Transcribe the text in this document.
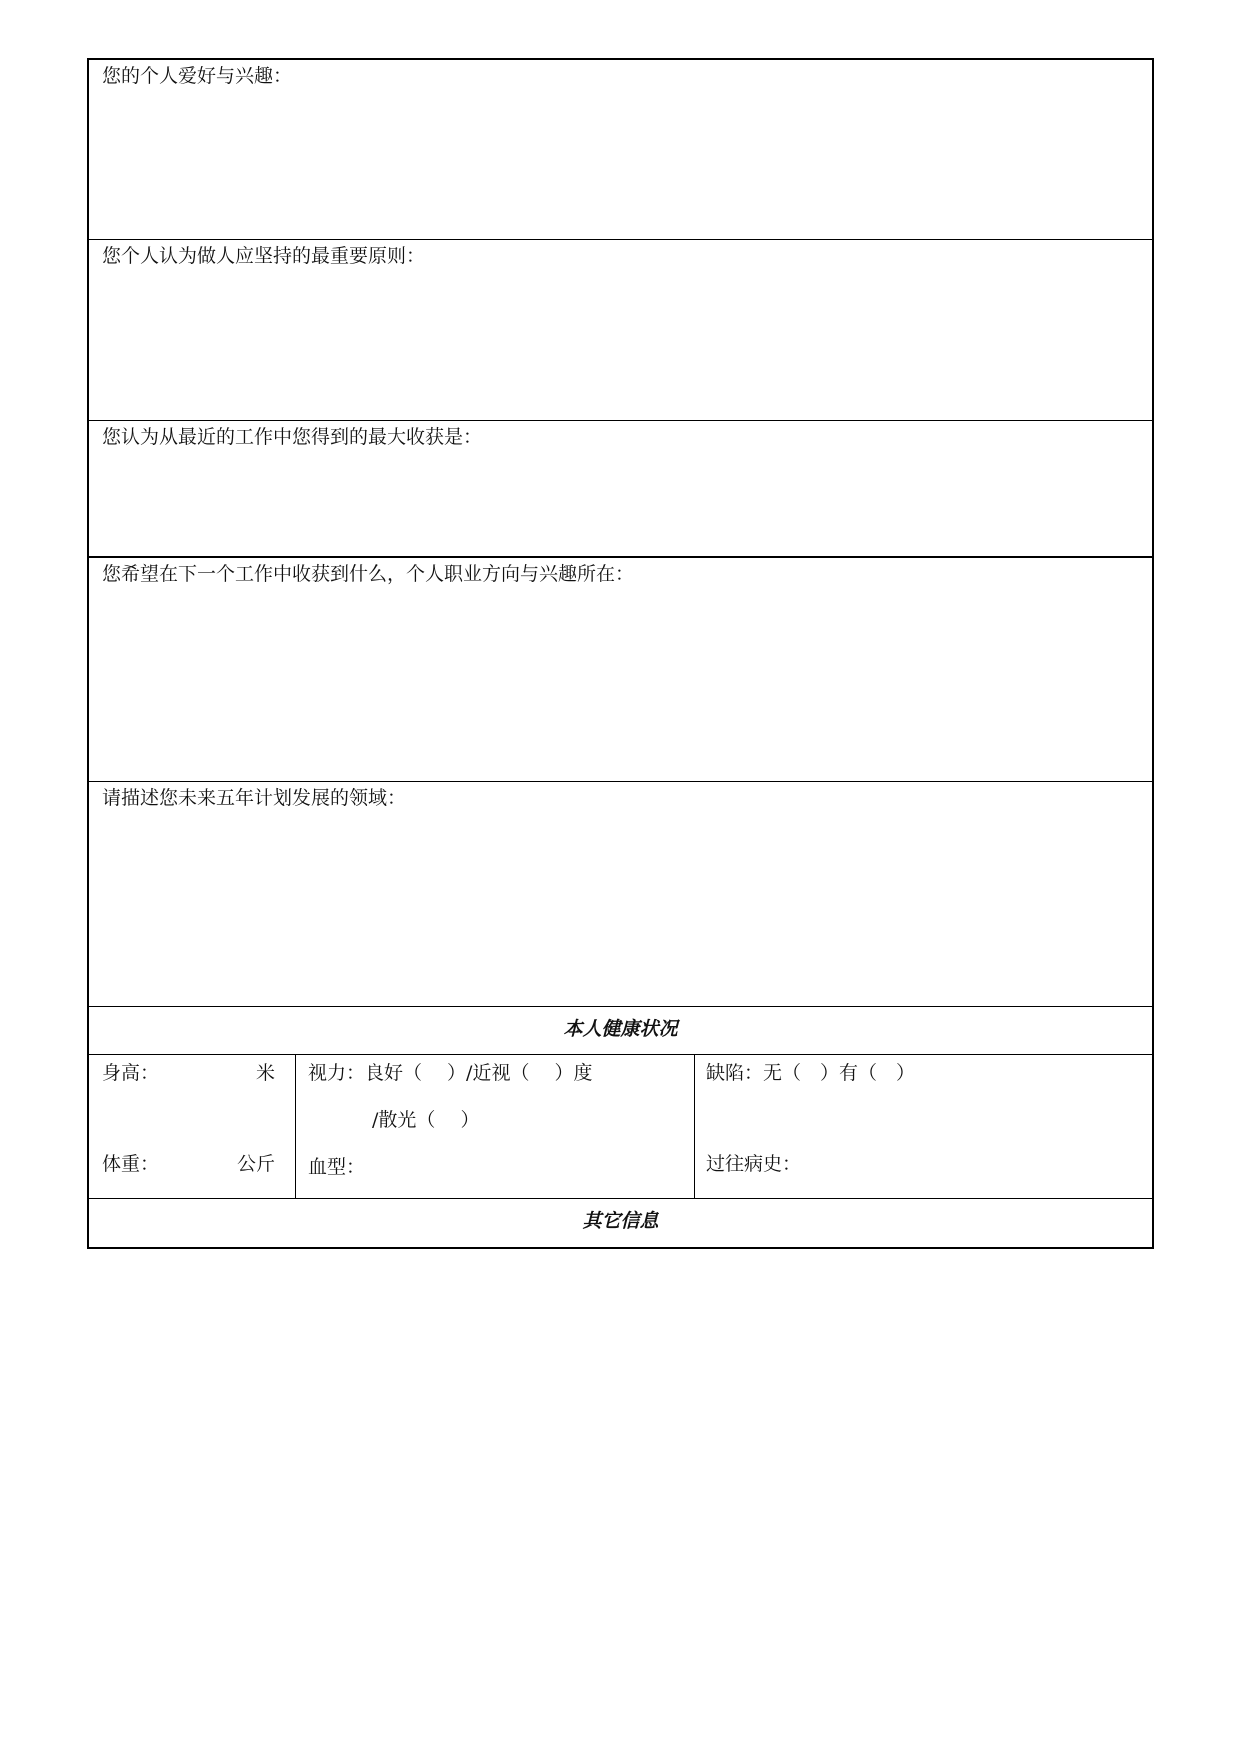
您的个人爱好与兴趣：
您个人认为做人应坚持的最重要原则：
您认为从最近的工作中您得到的最大收获是：
您希望在下一个工作中收获到什么，个人职业方向与兴趣所在：
请描述您未来五年计划发展的领域：
本人健康状况
身高：	米
体重：	公斤
视力：良好（　 ）/近视（　 ）度
/散光（　 ）
血型：
缺陷：无（　）有（　）
过往病史：
其它信息
